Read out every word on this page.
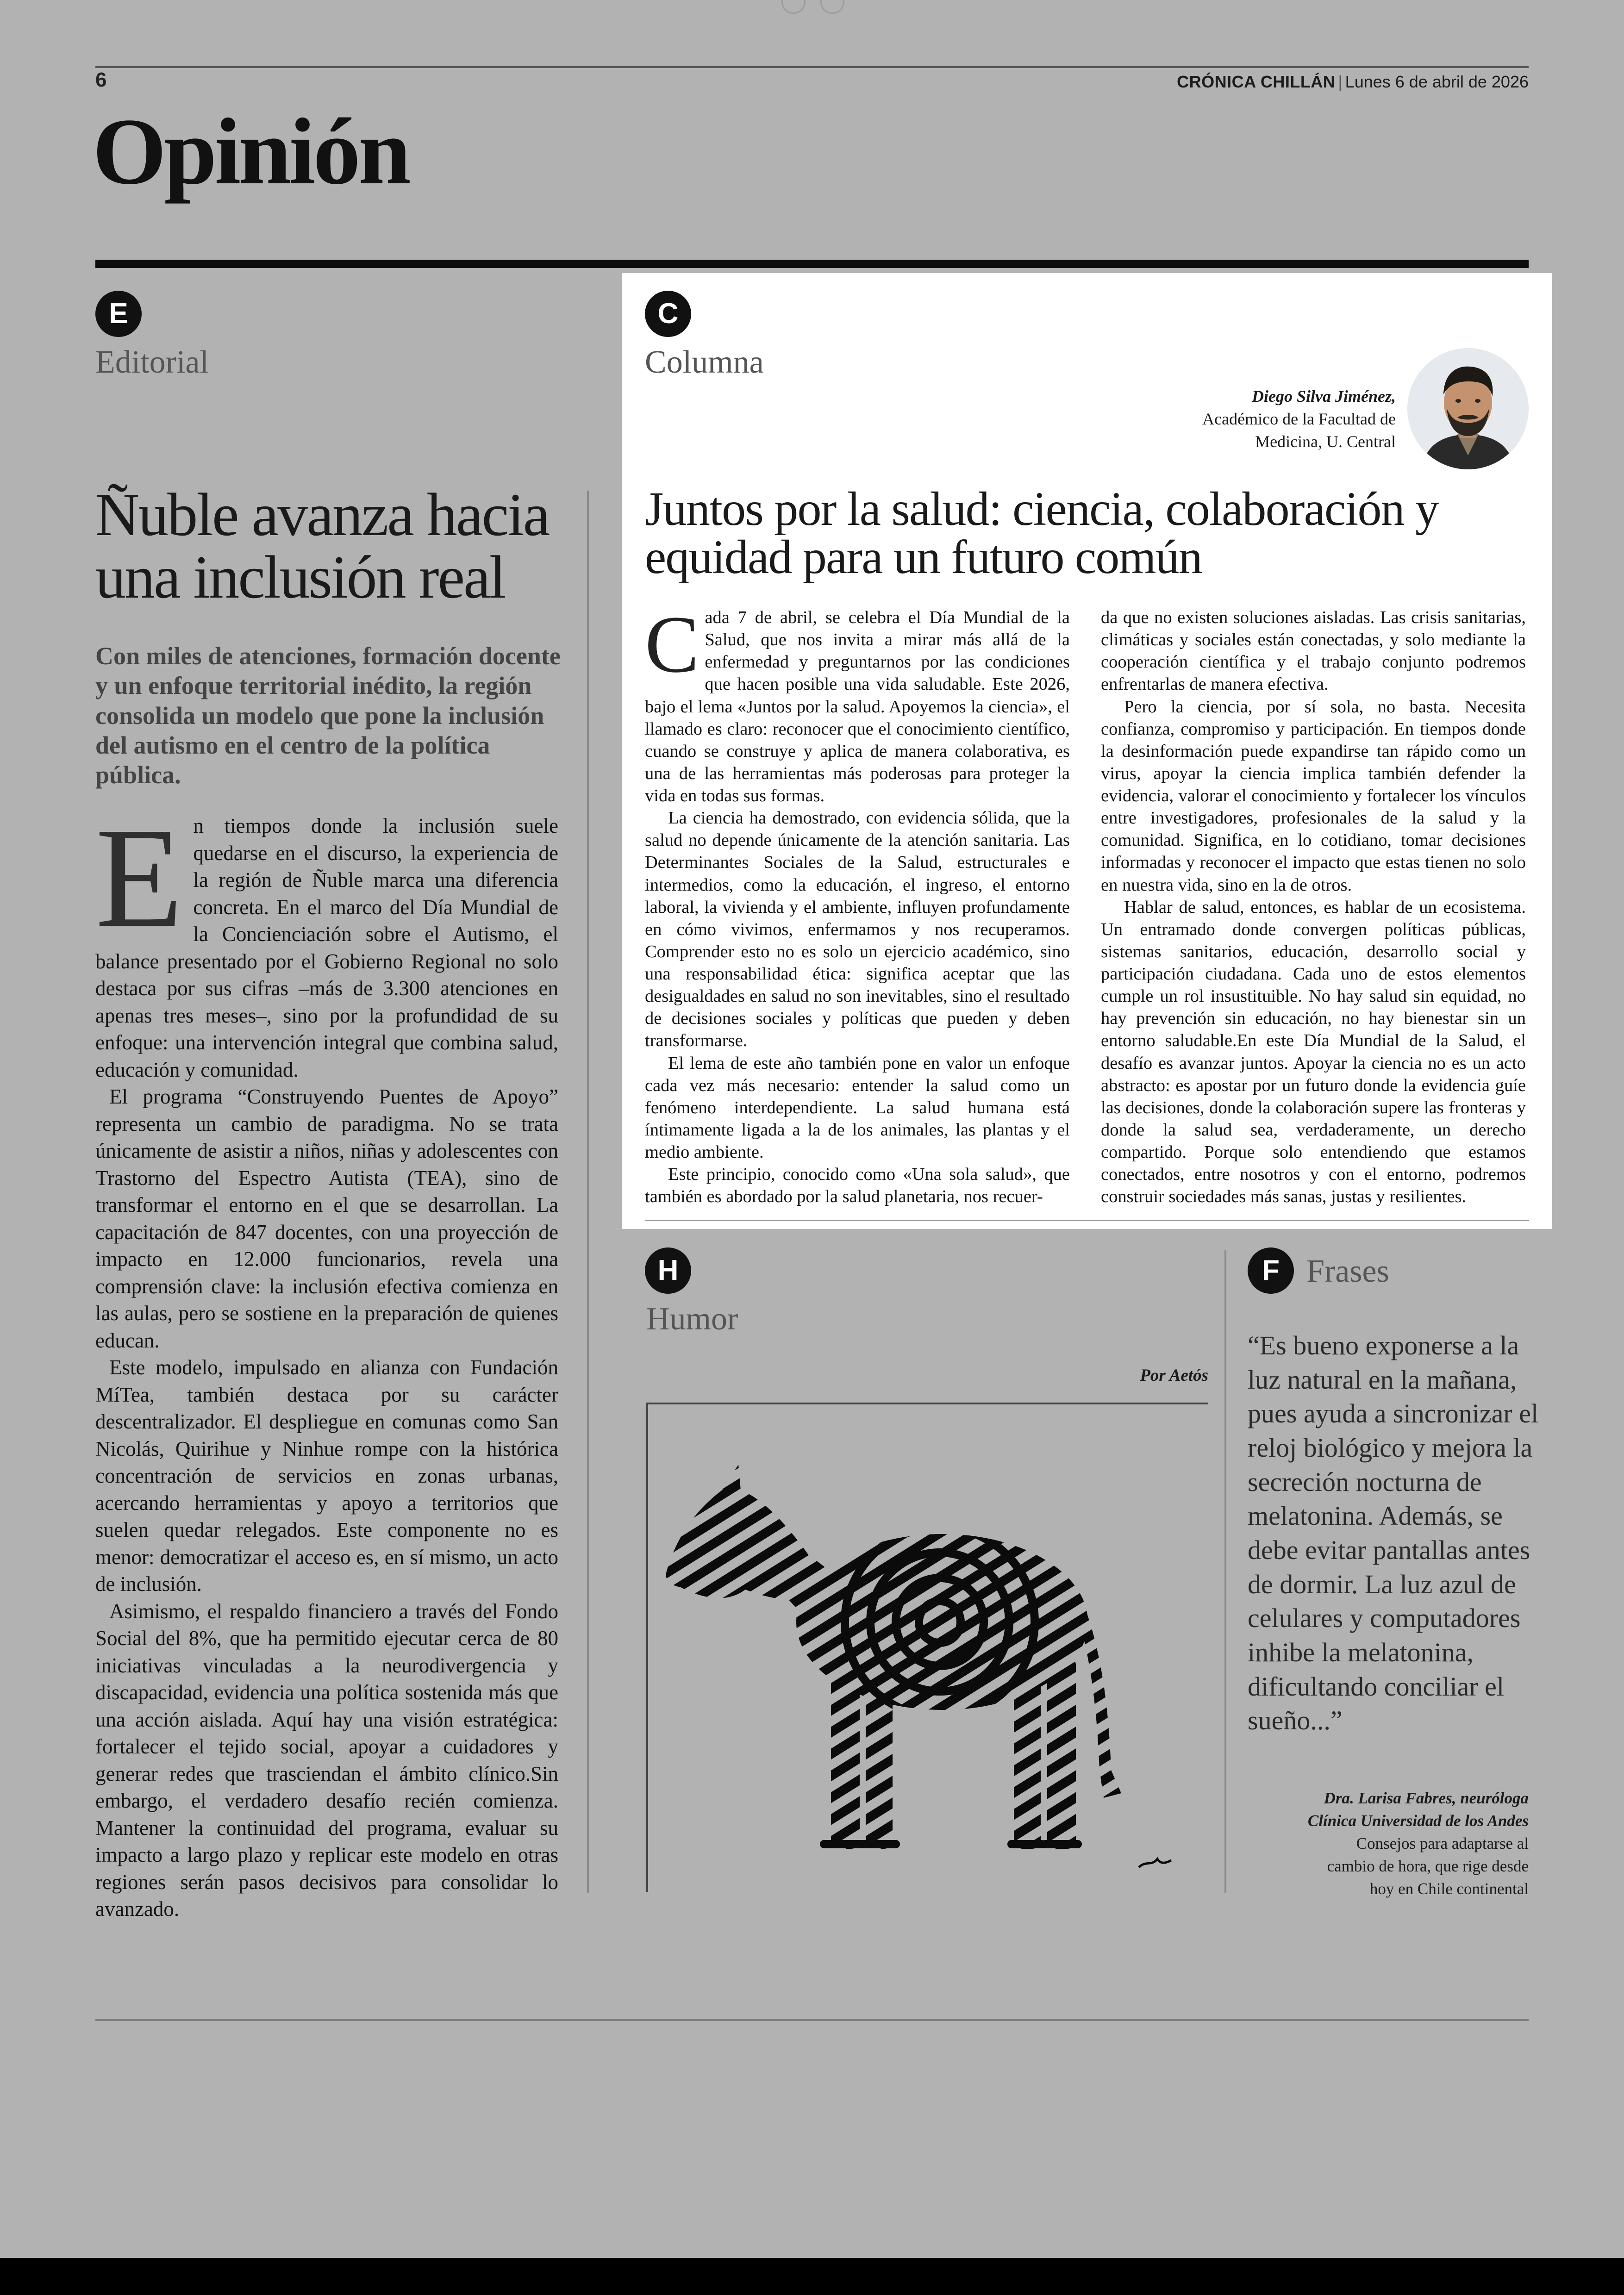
6	CRÓNICA CHILLÁN | Lunes 6 de abril de 2026
Opinión
E
Editorial
Ñuble avanza hacia una inclusión real

Con miles de atenciones, formación docente y un enfoque territorial inédito, la región consolida un modelo que pone la inclusión del autismo en el centro de la política pública.

En tiempos donde la inclusión suele quedarse en el discurso, la experiencia de la región de Ñuble marca una diferencia concreta. En el marco del Día Mundial de la Concienciación sobre el Autismo, el balance presentado por el Gobierno Regional no solo destaca por sus cifras –más de 3.300 atenciones en apenas tres meses–, sino por la profundidad de su enfoque: una intervención integral que combina salud, educación y comunidad.

El programa “Construyendo Puentes de Apoyo” representa un cambio de paradigma. No se trata únicamente de asistir a niños, niñas y adolescentes con Trastorno del Espectro Autista (TEA), sino de transformar el entorno en el que se desarrollan. La capacitación de 847 docentes, con una proyección de impacto en 12.000 funcionarios, revela una comprensión clave: la inclusión efectiva comienza en las aulas, pero se sostiene en la preparación de quienes educan.

Este modelo, impulsado en alianza con Fundación MíTea, también destaca por su carácter descentralizador. El despliegue en comunas como San Nicolás, Quirihue y Ninhue rompe con la histórica concentración de servicios en zonas urbanas, acercando herramientas y apoyo a territorios que suelen quedar relegados. Este componente no es menor: democratizar el acceso es, en sí mismo, un acto de inclusión.

Asimismo, el respaldo financiero a través del Fondo Social del 8%, que ha permitido ejecutar cerca de 80 iniciativas vinculadas a la neurodivergencia y discapacidad, evidencia una política sostenida más que una acción aislada. Aquí hay una visión estratégica: fortalecer el tejido social, apoyar a cuidadores y generar redes que trasciendan el ámbito clínico.Sin embargo, el verdadero desafío recién comienza. Mantener la continuidad del programa, evaluar su impacto a largo plazo y replicar este modelo en otras regiones serán pasos decisivos para consolidar lo avanzado.

C
Columna
Diego Silva Jiménez,
Académico de la Facultad de
Medicina, U. Central
Juntos por la salud: ciencia, colaboración y equidad para un futuro común

Cada 7 de abril, se celebra el Día Mundial de la Salud, que nos invita a mirar más allá de la enfermedad y preguntarnos por las condiciones que hacen posible una vida saludable. Este 2026, bajo el lema «Juntos por la salud. Apoyemos la ciencia», el llamado es claro: reconocer que el conocimiento científico, cuando se construye y aplica de manera colaborativa, es una de las herramientas más poderosas para proteger la vida en todas sus formas.

La ciencia ha demostrado, con evidencia sólida, que la salud no depende únicamente de la atención sanitaria. Las Determinantes Sociales de la Salud, estructurales e intermedios, como la educación, el ingreso, el entorno laboral, la vivienda y el ambiente, influyen profundamente en cómo vivimos, enfermamos y nos recuperamos. Comprender esto no es solo un ejercicio académico, sino una responsabilidad ética: significa aceptar que las desigualdades en salud no son inevitables, sino el resultado de decisiones sociales y políticas que pueden y deben transformarse.

El lema de este año también pone en valor un enfoque cada vez más necesario: entender la salud como un fenómeno interdependiente. La salud humana está íntimamente ligada a la de los animales, las plantas y el medio ambiente.

Este principio, conocido como «Una sola salud», que también es abordado por la salud planetaria, nos recuer-

da que no existen soluciones aisladas. Las crisis sanitarias, climáticas y sociales están conectadas, y solo mediante la cooperación científica y el trabajo conjunto podremos enfrentarlas de manera efectiva.

Pero la ciencia, por sí sola, no basta. Necesita confianza, compromiso y participación. En tiempos donde la desinformación puede expandirse tan rápido como un virus, apoyar la ciencia implica también defender la evidencia, valorar el conocimiento y fortalecer los vínculos entre investigadores, profesionales de la salud y la comunidad. Significa, en lo cotidiano, tomar decisiones informadas y reconocer el impacto que estas tienen no solo en nuestra vida, sino en la de otros.

Hablar de salud, entonces, es hablar de un ecosistema. Un entramado donde convergen políticas públicas, sistemas sanitarios, educación, desarrollo social y participación ciudadana. Cada uno de estos elementos cumple un rol insustituible. No hay salud sin equidad, no hay prevención sin educación, no hay bienestar sin un entorno saludable.En este Día Mundial de la Salud, el desafío es avanzar juntos. Apoyar la ciencia no es un acto abstracto: es apostar por un futuro donde la evidencia guíe las decisiones, donde la colaboración supere las fronteras y donde la salud sea, verdaderamente, un derecho compartido. Porque solo entendiendo que estamos conectados, entre nosotros y con el entorno, podremos construir sociedades más sanas, justas y resilientes.

H
Humor
Por Aetós
F Frases

“Es bueno exponerse a la luz natural en la mañana, pues ayuda a sincronizar el reloj biológico y mejora la secreción nocturna de melatonina. Además, se debe evitar pantallas antes de dormir. La luz azul de celulares y computadores inhibe la melatonina, dificultando conciliar el sueño...”

Dra. Larisa Fabres, neuróloga
Clínica Universidad de los Andes
Consejos para adaptarse al
cambio de hora, que rige desde
hoy en Chile continental
